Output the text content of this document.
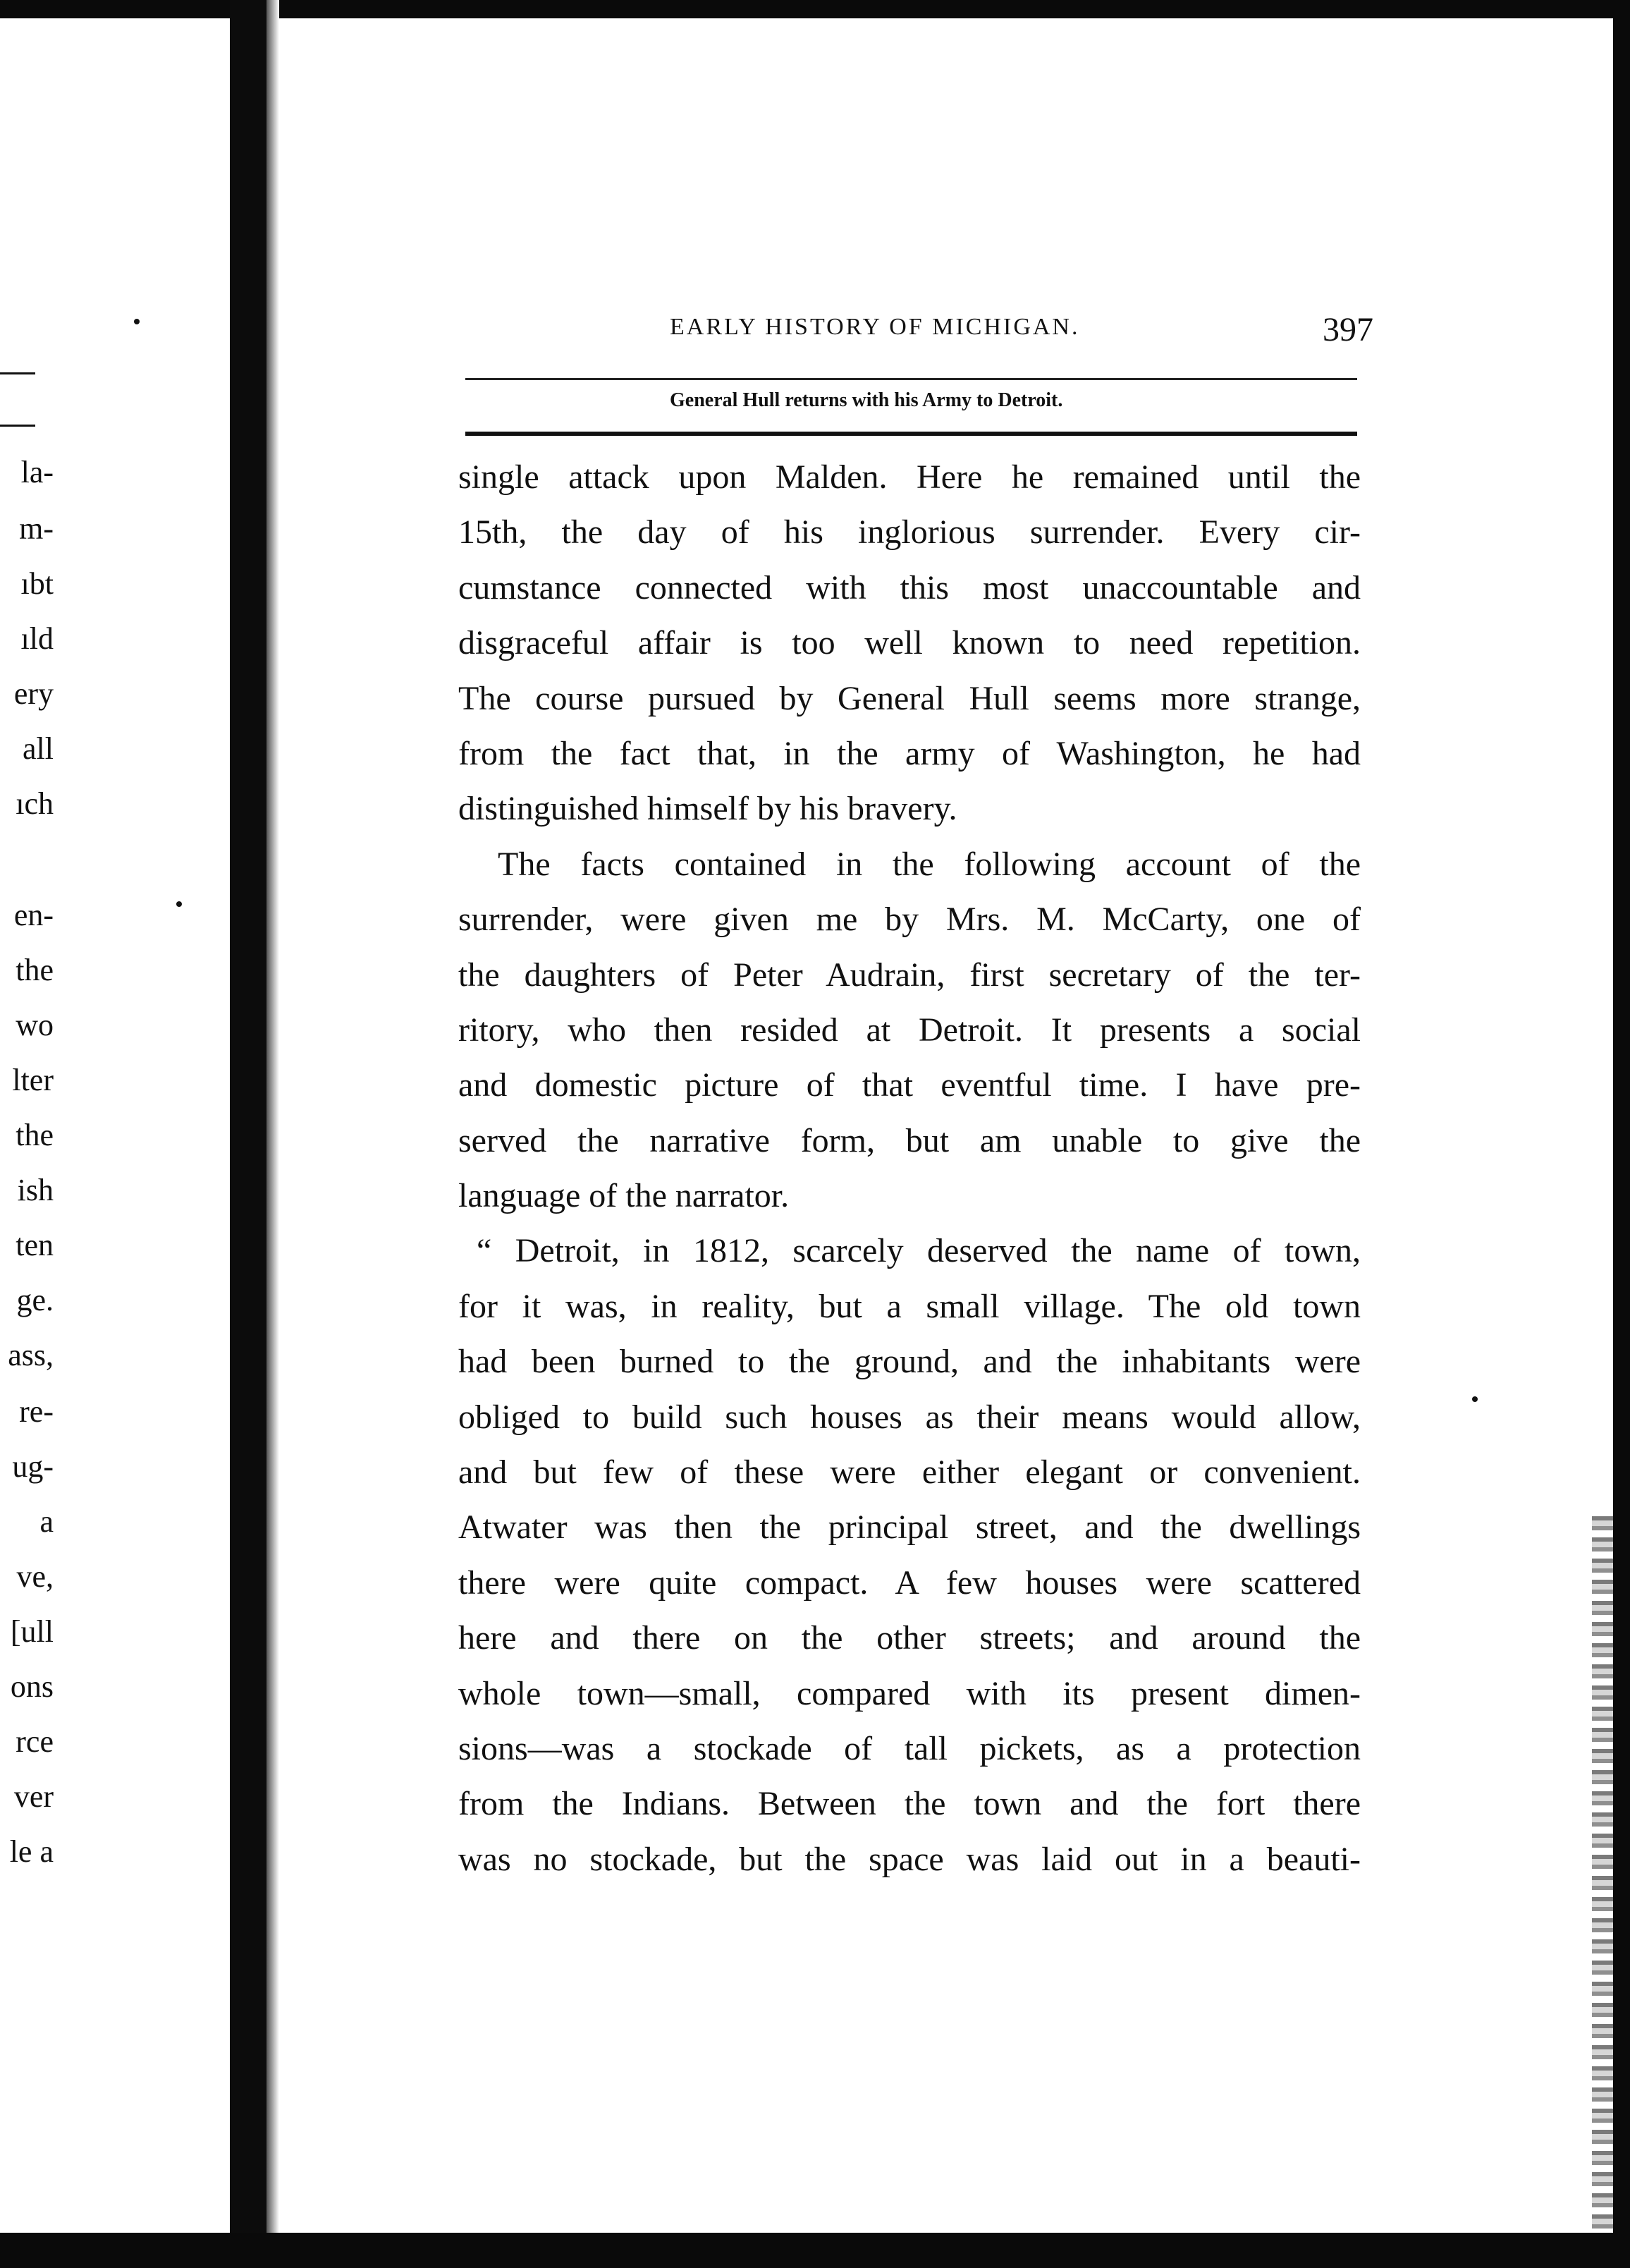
la-
m-
ıbt
ıld
ery
all
ıch
en-
the
wo
lter
the
ish
ten
ge.
ass,
re-
ug-
a
ve,
[ull
ons
rce
ver
le a
EARLY HISTORY OF MICHIGAN.	397
General Hull returns with his Army to Detroit.
single attack upon Malden. Here he remained until the
15th, the day of his inglorious surrender. Every cir-
cumstance connected with this most unaccountable and
disgraceful affair is too well known to need repetition.
The course pursued by General Hull seems more strange,
from the fact that, in the army of Washington, he had
distinguished himself by his bravery.
The facts contained in the following account of the
surrender, were given me by Mrs. M. McCarty, one of
the daughters of Peter Audrain, first secretary of the ter-
ritory, who then resided at Detroit. It presents a social
and domestic picture of that eventful time. I have pre-
served the narrative form, but am unable to give the
language of the narrator.
“ Detroit, in 1812, scarcely deserved the name of town,
for it was, in reality, but a small village. The old town
had been burned to the ground, and the inhabitants were
obliged to build such houses as their means would allow,
and but few of these were either elegant or convenient.
Atwater was then the principal street, and the dwellings
there were quite compact. A few houses were scattered
here and there on the other streets; and around the
whole town—small, compared with its present dimen-
sions—was a stockade of tall pickets, as a protection
from the Indians. Between the town and the fort there
was no stockade, but the space was laid out in a beauti-
